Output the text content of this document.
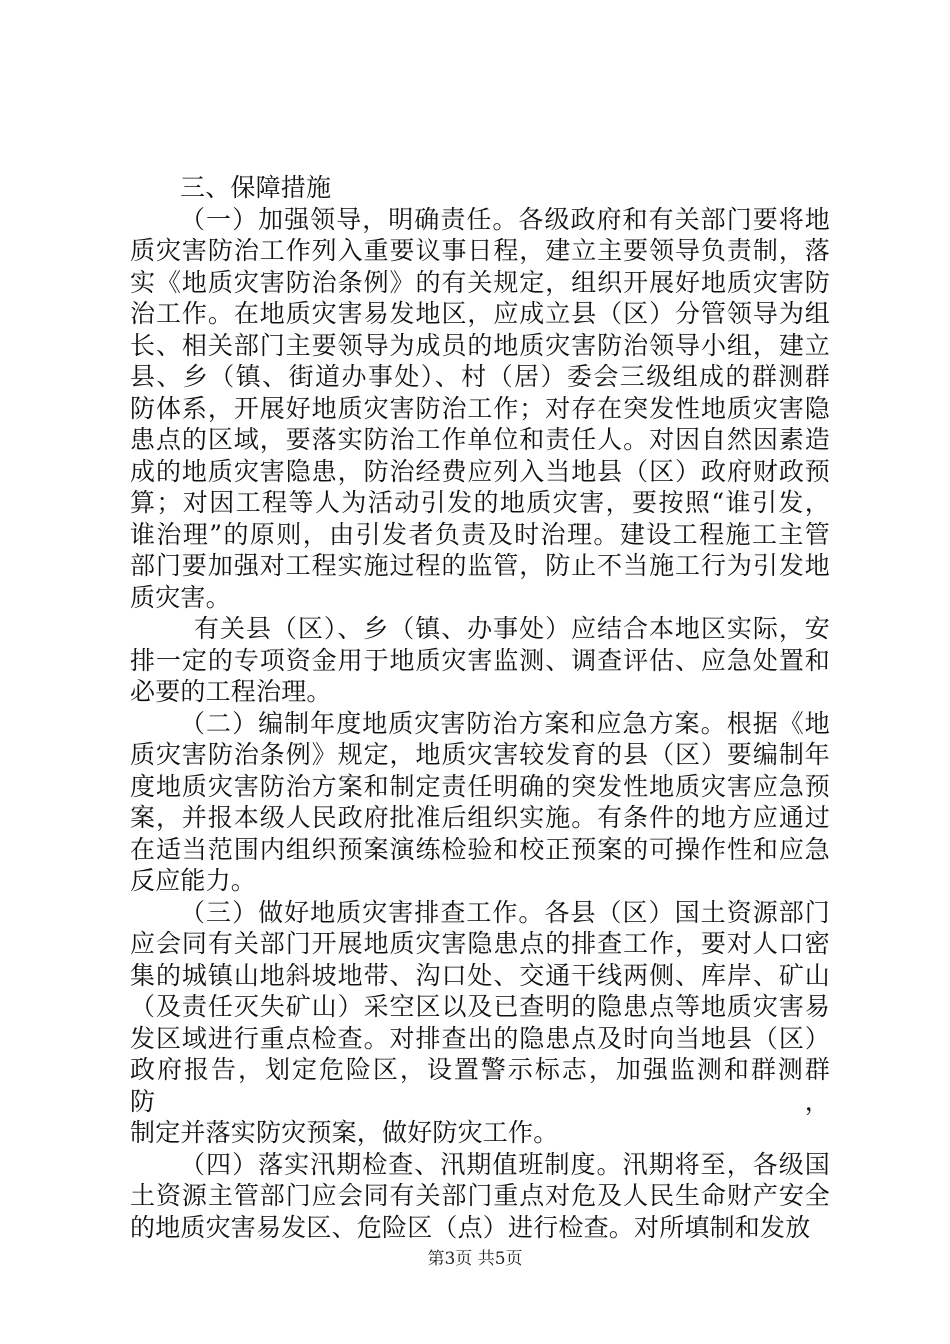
三、保障措施
（一）加强领导，明确责任。各级政府和有关部门要将地
质灾害防治工作列入重要议事日程，建立主要领导负责制，落
实《地质灾害防治条例》的有关规定，组织开展好地质灾害防
治工作。在地质灾害易发地区，应成立县（区）分管领导为组
长、相关部门主要领导为成员的地质灾害防治领导小组，建立
县、乡（镇、街道办事处）、村（居）委会三级组成的群测群
防体系，开展好地质灾害防治工作；对存在突发性地质灾害隐
患点的区域，要落实防治工作单位和责任人。对因自然因素造
成的地质灾害隐患，防治经费应列入当地县（区）政府财政预
算；对因工程等人为活动引发的地质灾害，要按照“谁引发，
谁治理”的原则，由引发者负责及时治理。建设工程施工主管
部门要加强对工程实施过程的监管，防止不当施工行为引发地
质灾害。
有关县（区）、乡（镇、办事处）应结合本地区实际，安
排一定的专项资金用于地质灾害监测、调查评估、应急处置和
必要的工程治理。
（二）编制年度地质灾害防治方案和应急方案。根据《地
质灾害防治条例》规定，地质灾害较发育的县（区）要编制年
度地质灾害防治方案和制定责任明确的突发性地质灾害应急预
案，并报本级人民政府批准后组织实施。有条件的地方应通过
在适当范围内组织预案演练检验和校正预案的可操作性和应急
反应能力。
（三）做好地质灾害排查工作。各县（区）国土资源部门
应会同有关部门开展地质灾害隐患点的排查工作，要对人口密
集的城镇山地斜坡地带、沟口处、交通干线两侧、库岸、矿山
（及责任灭失矿山）采空区以及已查明的隐患点等地质灾害易
发区域进行重点检查。对排查出的隐患点及时向当地县（区）
政府报告，划定危险区，设置警示标志，加强监测和群测群防，
制定并落实防灾预案，做好防灾工作。
（四）落实汛期检查、汛期值班制度。汛期将至，各级国
土资源主管部门应会同有关部门重点对危及人民生命财产安全
的地质灾害易发区、危险区（点）进行检查。对所填制和发放
第3页 共5页
